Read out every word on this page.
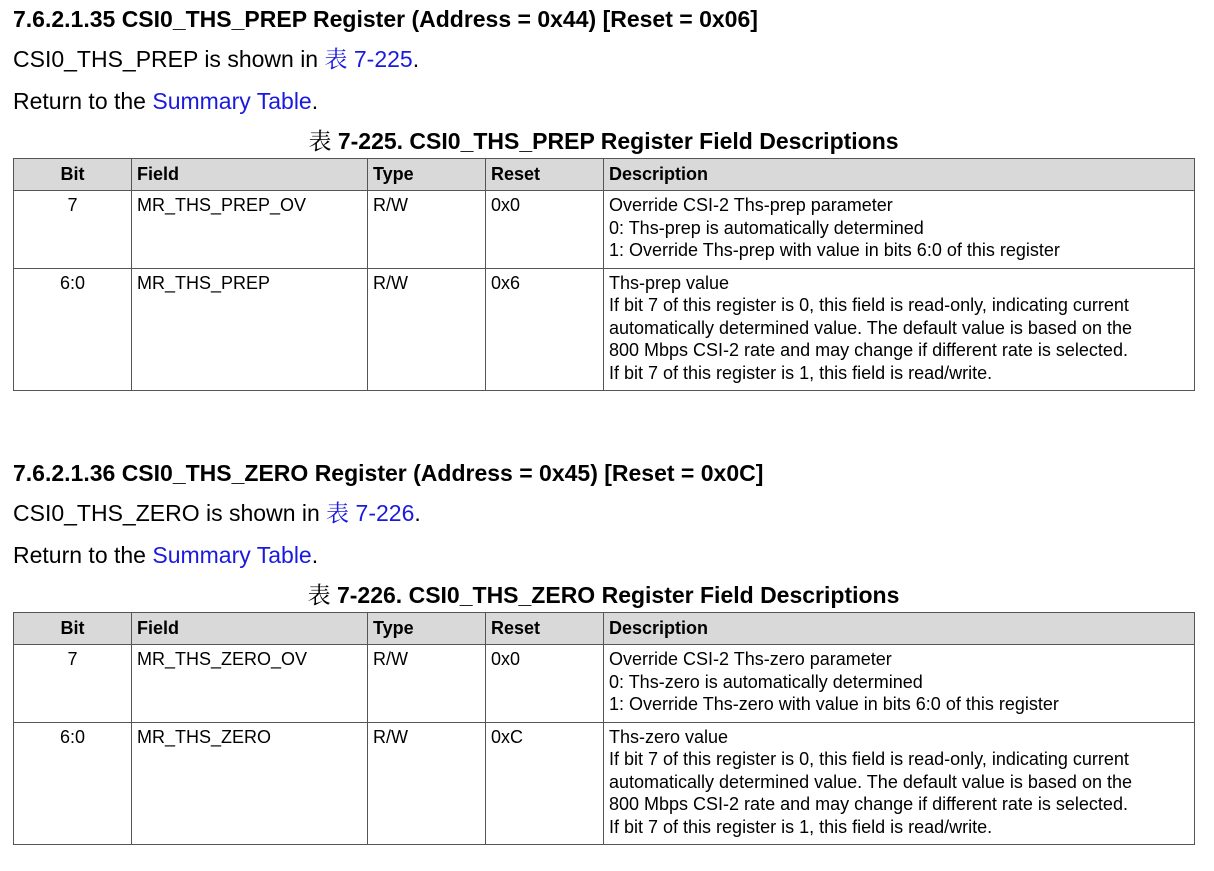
7.6.2.1.35 CSI0_THS_PREP Register (Address = 0x44) [Reset = 0x06]

CSI0_THS_PREP is shown in 表 7-225.

Return to the Summary Table.

表 7-225. CSI0_THS_PREP Register Field Descriptions
Bit	Field	Type	Reset	Description
7	MR_THS_PREP_OV	R/W	0x0	Override CSI-2 Ths-prep parameter
0: Ths-prep is automatically determined
1: Override Ths-prep with value in bits 6:0 of this register

6:0	MR_THS_PREP	R/W	0x6	Ths-prep value
If bit 7 of this register is 0, this field is read-only, indicating current
automatically determined value. The default value is based on the
800 Mbps CSI-2 rate and may change if different rate is selected.
If bit 7 of this register is 1, this field is read/write.
7.6.2.1.36 CSI0_THS_ZERO Register (Address = 0x45) [Reset = 0x0C]

CSI0_THS_ZERO is shown in 表 7-226.

Return to the Summary Table.

表 7-226. CSI0_THS_ZERO Register Field Descriptions
Bit	Field	Type	Reset	Description
7	MR_THS_ZERO_OV	R/W	0x0	Override CSI-2 Ths-zero parameter
0: Ths-zero is automatically determined
1: Override Ths-zero with value in bits 6:0 of this register

6:0	MR_THS_ZERO	R/W	0xC	Ths-zero value
If bit 7 of this register is 0, this field is read-only, indicating current
automatically determined value. The default value is based on the
800 Mbps CSI-2 rate and may change if different rate is selected.
If bit 7 of this register is 1, this field is read/write.
